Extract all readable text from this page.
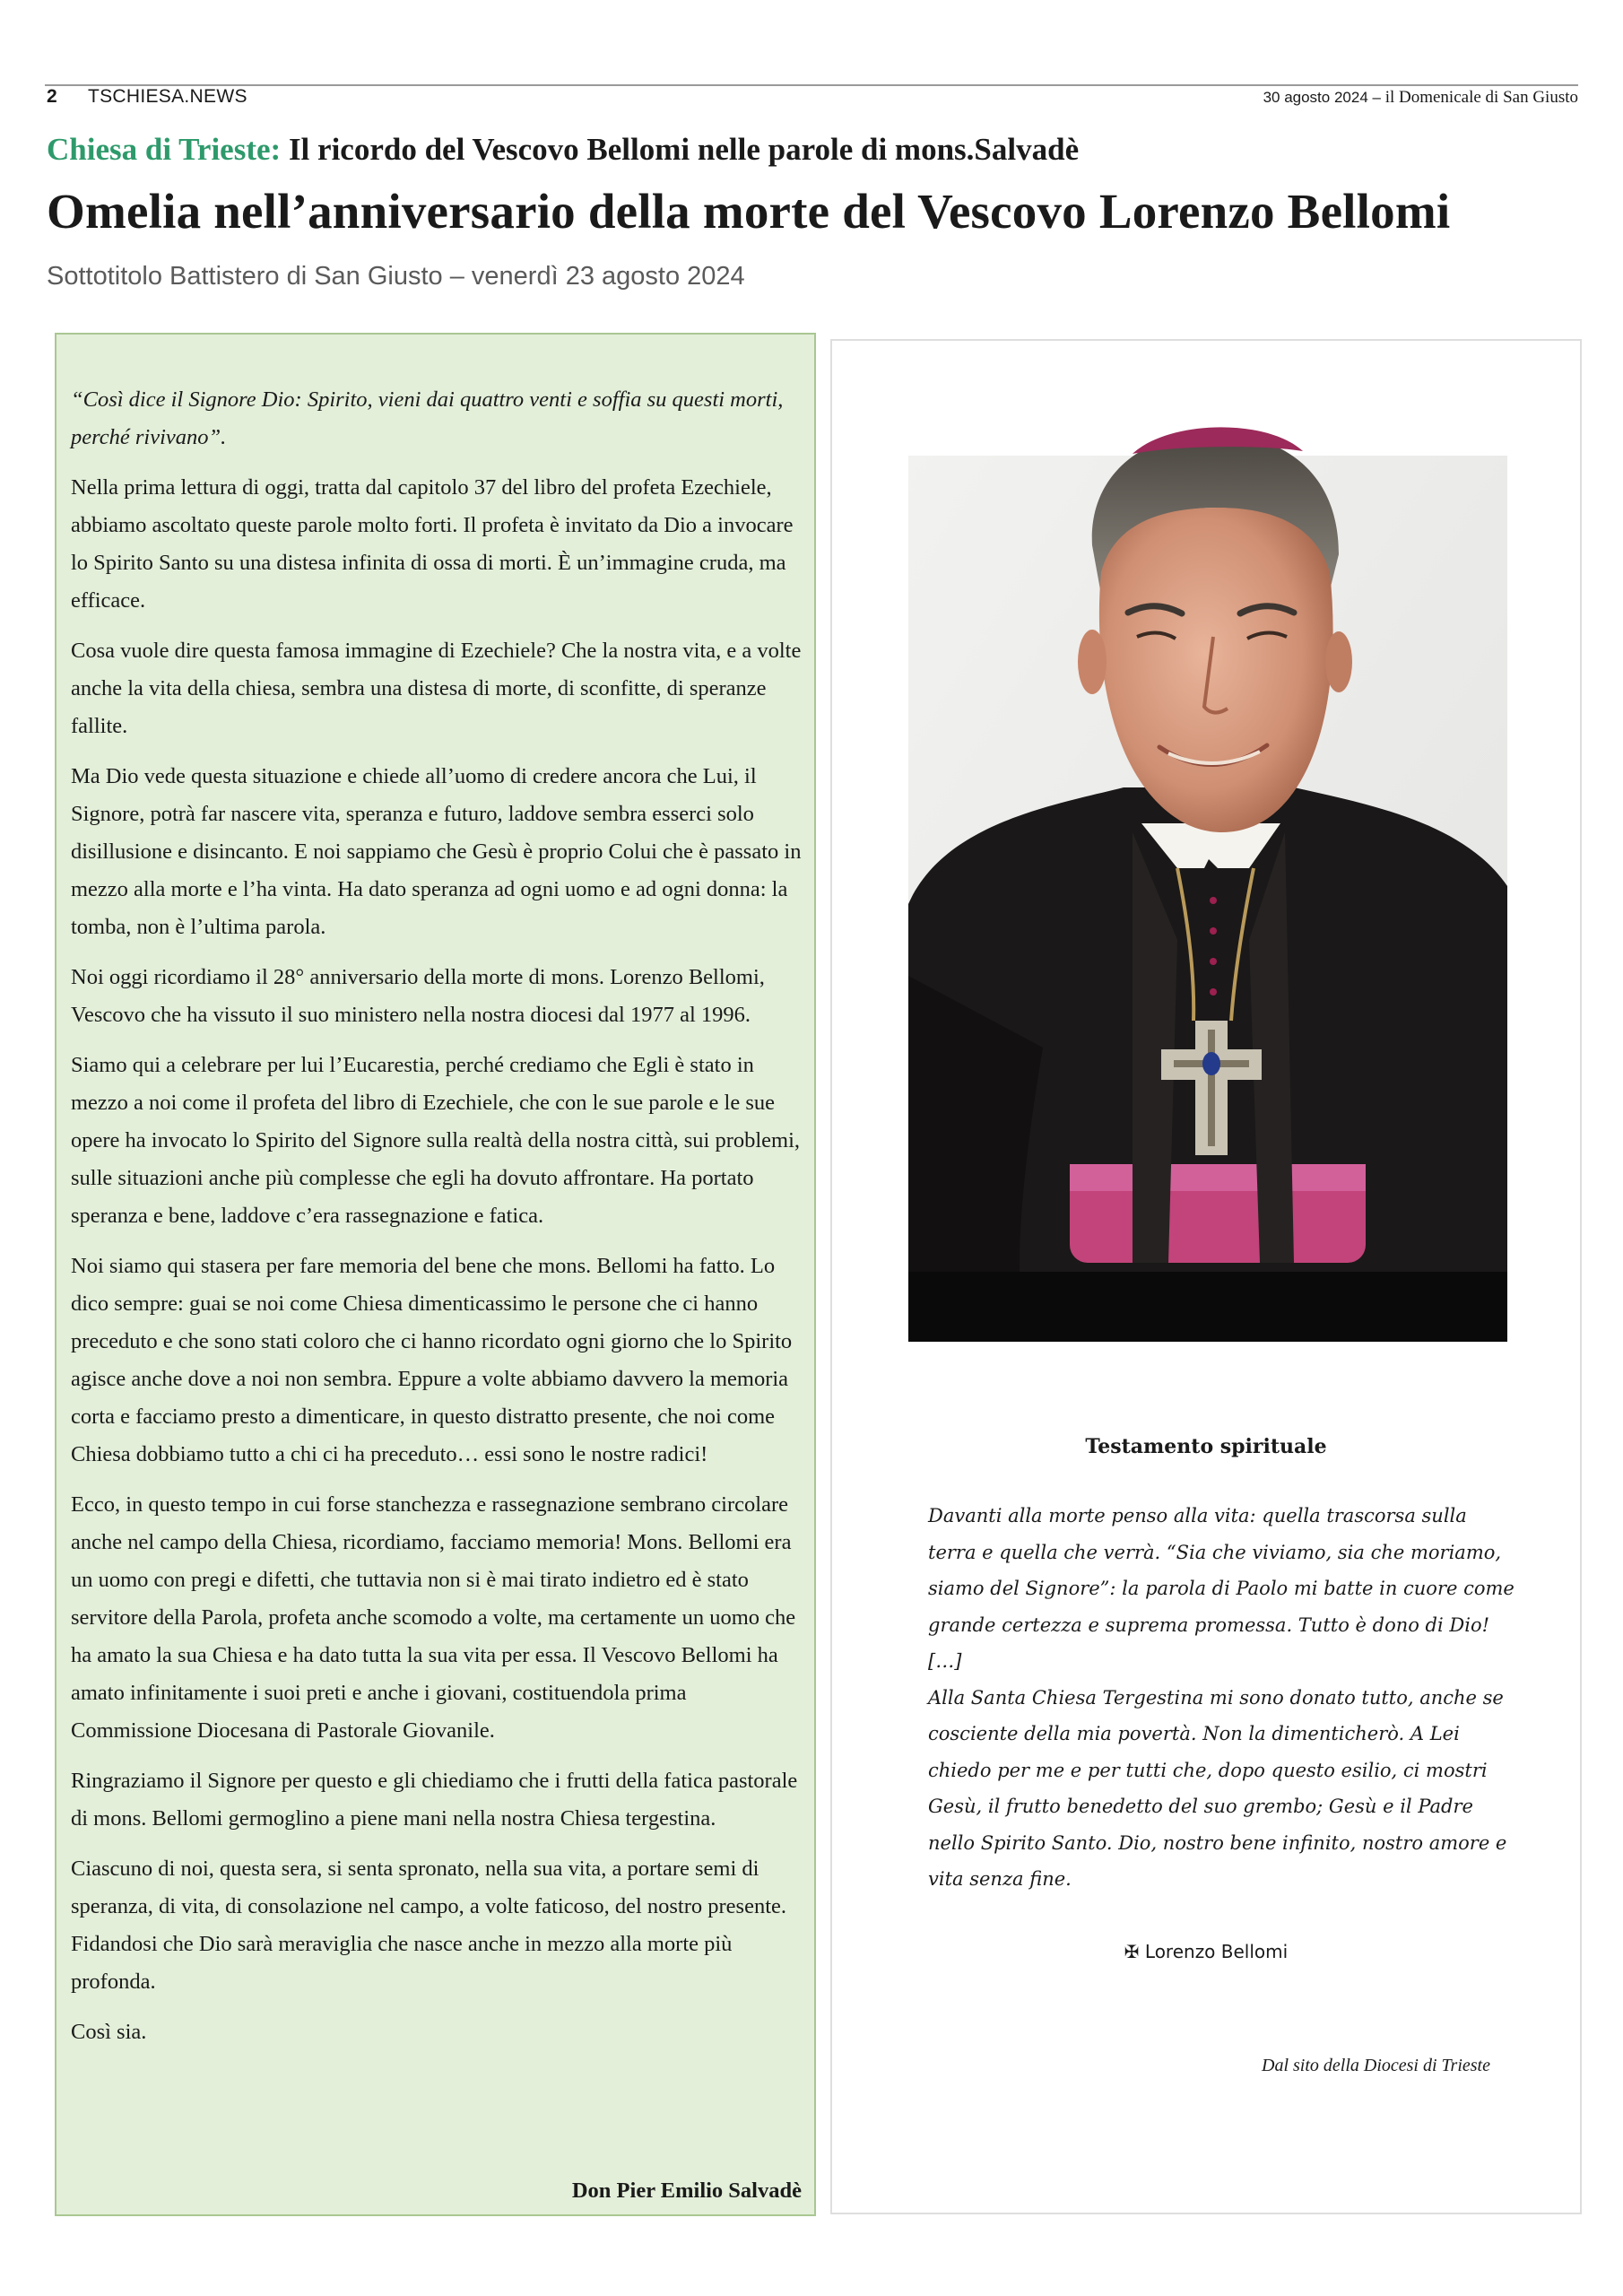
2 TSCHIESA.NEWS	30 agosto 2024 – il Domenicale di San Giusto
Chiesa di Trieste: Il ricordo del Vescovo Bellomi nelle parole di mons.Salvadè
Omelia nell’anniversario della morte del Vescovo Lorenzo Bellomi
Sottotitolo Battistero di San Giusto – venerdì 23 agosto 2024

“Così dice il Signore Dio: Spirito, vieni dai quattro venti e soffia su questi morti, perché rivivano”.

Nella prima lettura di oggi, tratta dal capitolo 37 del libro del profeta Ezechiele, abbiamo ascoltato queste parole molto forti. Il profeta è invitato da Dio a invocare lo Spirito Santo su una distesa infinita di ossa di morti. È un’immagine cruda, ma efficace.

Cosa vuole dire questa famosa immagine di Ezechiele? Che la nostra vita, e a volte anche la vita della chiesa, sembra una distesa di morte, di sconfitte, di speranze fallite.

Ma Dio vede questa situazione e chiede all’uomo di credere ancora che Lui, il Signore, potrà far nascere vita, speranza e futuro, laddove sembra esserci solo disillusione e disincanto. E noi sappiamo che Gesù è proprio Colui che è passato in mezzo alla morte e l’ha vinta. Ha dato speranza ad ogni uomo e ad ogni donna: la tomba, non è l’ultima parola.

Noi oggi ricordiamo il 28° anniversario della morte di mons. Lorenzo Bellomi, Vescovo che ha vissuto il suo ministero nella nostra diocesi dal 1977 al 1996.

Siamo qui a celebrare per lui l’Eucarestia, perché crediamo che Egli è stato in mezzo a noi come il profeta del libro di Ezechiele, che con le sue parole e le sue opere ha invocato lo Spirito del Signore sulla realtà della nostra città, sui problemi, sulle situazioni anche più complesse che egli ha dovuto affrontare. Ha portato speranza e bene, laddove c’era rassegnazione e fatica.

Noi siamo qui stasera per fare memoria del bene che mons. Bellomi ha fatto. Lo dico sempre: guai se noi come Chiesa dimenticassimo le persone che ci hanno preceduto e che sono stati coloro che ci hanno ricordato ogni giorno che lo Spirito agisce anche dove a noi non sembra. Eppure a volte abbiamo davvero la memoria corta e facciamo presto a dimenticare, in questo distratto presente, che noi come Chiesa dobbiamo tutto a chi ci ha preceduto… essi sono le nostre radici!

Ecco, in questo tempo in cui forse stanchezza e rassegnazione sembrano circolare anche nel campo della Chiesa, ricordiamo, facciamo memoria! Mons. Bellomi era un uomo con pregi e difetti, che tuttavia non si è mai tirato indietro ed è stato servitore della Parola, profeta anche scomodo a volte, ma certamente un uomo che ha amato la sua Chiesa e ha dato tutta la sua vita per essa. Il Vescovo Bellomi ha amato infinitamente i suoi preti e anche i giovani, costituendola prima Commissione Diocesana di Pastorale Giovanile.

Ringraziamo il Signore per questo e gli chiediamo che i frutti della fatica pastorale di mons. Bellomi germoglino a piene mani nella nostra Chiesa tergestina.

Ciascuno di noi, questa sera, si senta spronato, nella sua vita, a portare semi di speranza, di vita, di consolazione nel campo, a volte faticoso, del nostro presente. Fidandosi che Dio sarà meraviglia che nasce anche in mezzo alla morte più profonda.

Così sia.

Don Pier Emilio Salvadè
Testamento spirituale
Davanti alla morte penso alla vita: quella trascorsa sulla
terra e quella che verrà. “Sia che viviamo, sia che moriamo,
siamo del Signore”: la parola di Paolo mi batte in cuore come
grande certezza e suprema promessa. Tutto è dono di Dio!
[…]
Alla Santa Chiesa Tergestina mi sono donato tutto, anche se
cosciente della mia povertà. Non la dimenticherò. A Lei
chiedo per me e per tutti che, dopo questo esilio, ci mostri
Gesù, il frutto benedetto del suo grembo; Gesù e il Padre
nello Spirito Santo. Dio, nostro bene infinito, nostro amore e
vita senza fine.
✠ Lorenzo Bellomi
Dal sito della Diocesi di Trieste
